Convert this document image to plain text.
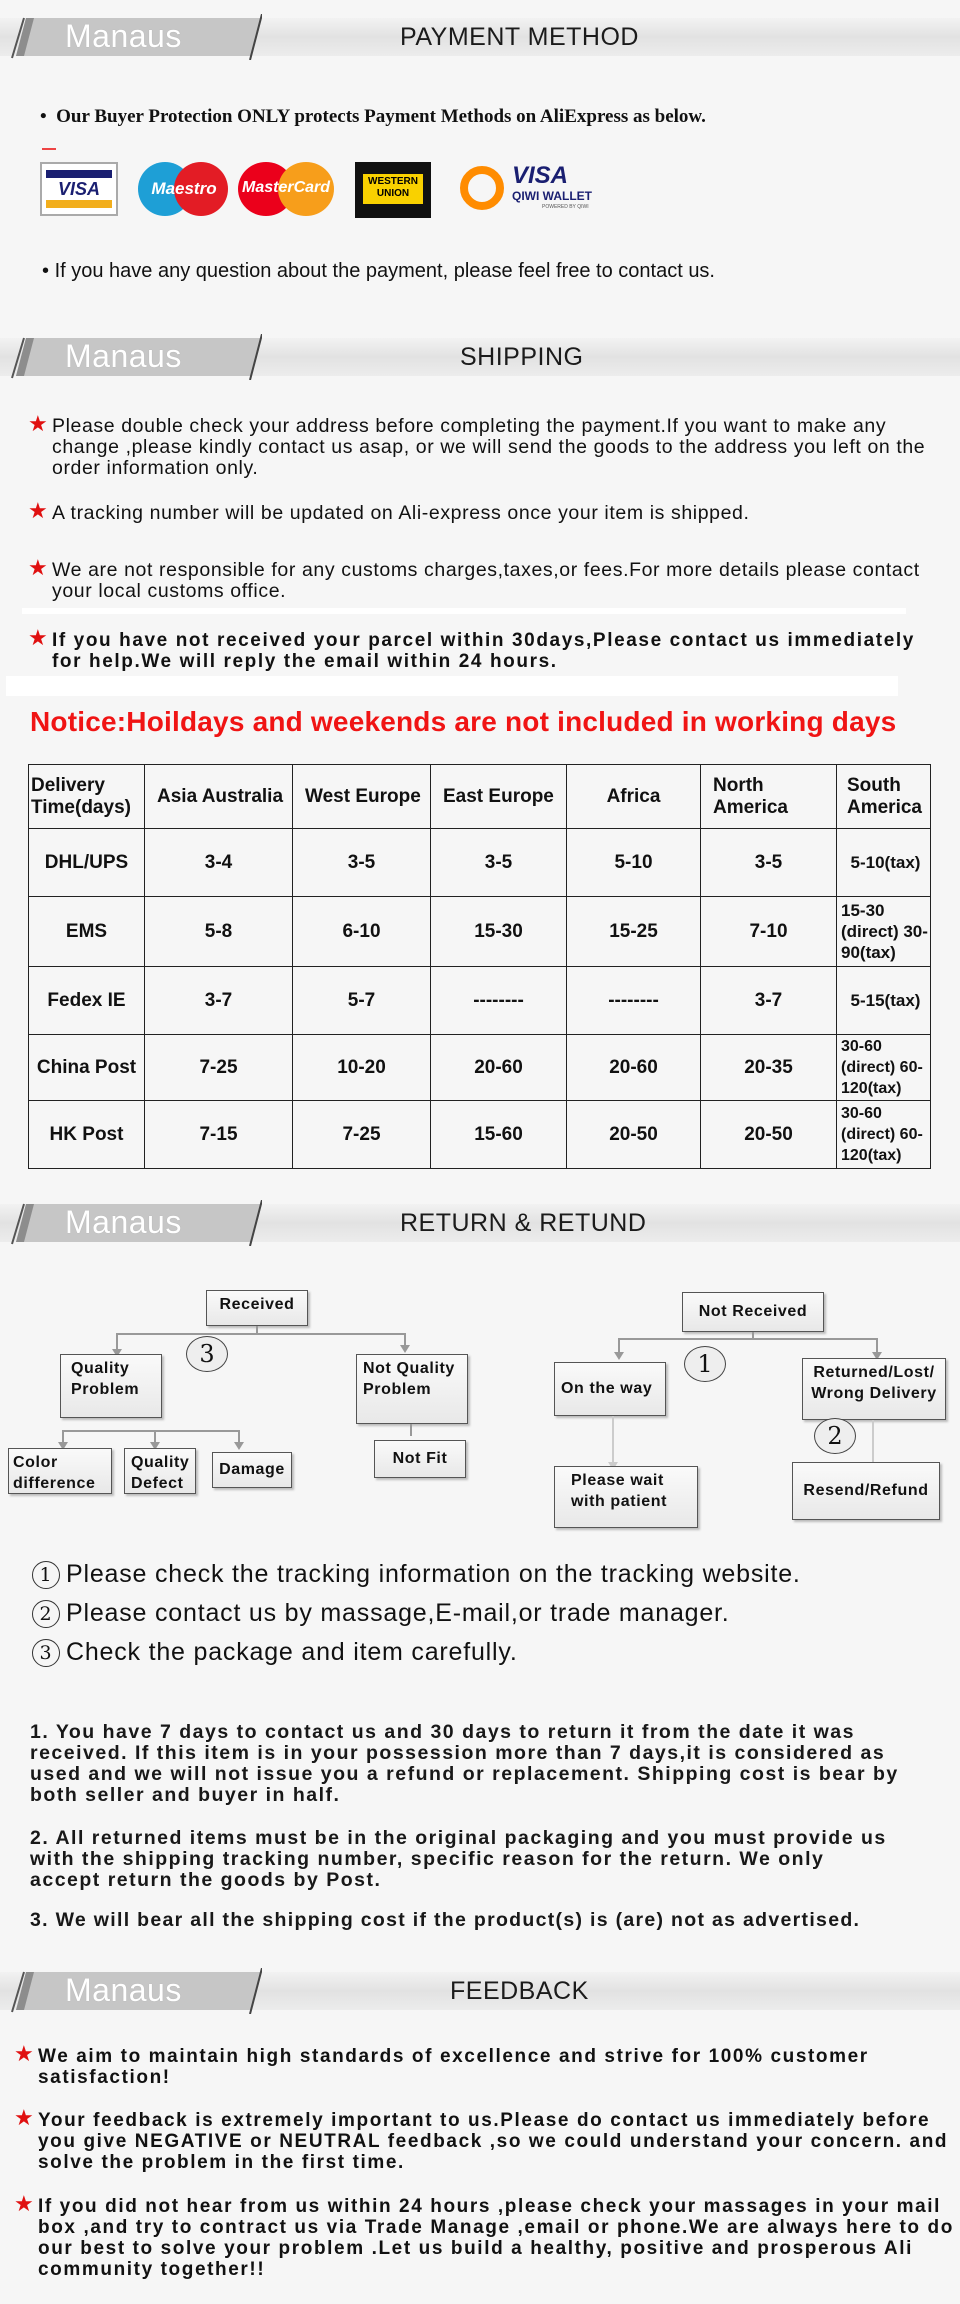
Manaus	PAYMENT METHOD
•  Our Buyer Protection ONLY protects Payment Methods on AliExpress as below.
VISA	Maestro	MasterCard	WESTERN UNION
VISA
QIWI WALLET
POWERED BY QIWI
• If you have any question about the payment, please feel free to contact us.
Manaus	SHIPPING
★ Please double check your address before completing the payment.If you want to make any change ,please kindly contact us asap, or we will send the goods to the address you left on the order information only.
★ A tracking number will be updated on Ali-express once your item is shipped.
★ We are not responsible for any customs charges,taxes,or fees.For more details please contact your local customs office.
★ If you have not received your parcel within 30days,Please contact us immediately for help.We will reply the email within 24 hours.
Notice:Hoildays and weekends are not included in working days
Delivery Time(days)	Asia Australia	West Europe	East Europe	Africa	North America	South America
DHL/UPS	3-4	3-5	3-5	5-10	3-5	5-10(tax)
EMS	5-8	6-10	15-30	15-25	7-10	15-30 (direct) 30-90(tax)
Fedex IE	3-7	5-7	--------	--------	3-7	5-15(tax)
China Post	7-25	10-20	20-60	20-60	20-35	30-60 (direct) 60-120(tax)
HK Post	7-15	7-25	15-60	20-50	20-50	30-60 (direct) 60-120(tax)
Manaus	RETURN & RETUND
Received
3
Quality Problem
Not Quality Problem
Color difference
Quality Defect
Damage
Not Fit
Not Received
1
On the way
Returned/Lost/ Wrong Delivery
2
Please wait with patient
Resend/Refund
1 Please check the tracking information on the tracking website.
2 Please contact us by massage,E-mail,or trade manager.
3 Check the package and item carefully.
1. You have 7 days to contact us and 30 days to return it from the date it was received. If this item is in your possession more than 7 days,it is considered as used and we will not issue you a refund or replacement. Shipping cost is bear by both seller and buyer in half.
2. All returned items must be in the original packaging and you must provide us with the shipping tracking number, specific reason for the return. We only accept return the goods by Post.
3. We will bear all the shipping cost if the product(s) is (are) not as advertised.
Manaus	FEEDBACK
★ We aim to maintain high standards of excellence and strive for 100% customer satisfaction!
★ Your feedback is extremely important to us.Please do contact us immediately before you give NEGATIVE or NEUTRAL feedback ,so we could understand your concern. and solve the problem in the first time.
★ If you did not hear from us within 24 hours ,please check your massages in your mail box ,and try to contract us via Trade Manage ,email or phone.We are always here to do our best to solve your problem .Let us build a healthy, positive and prosperous Ali community together!!
